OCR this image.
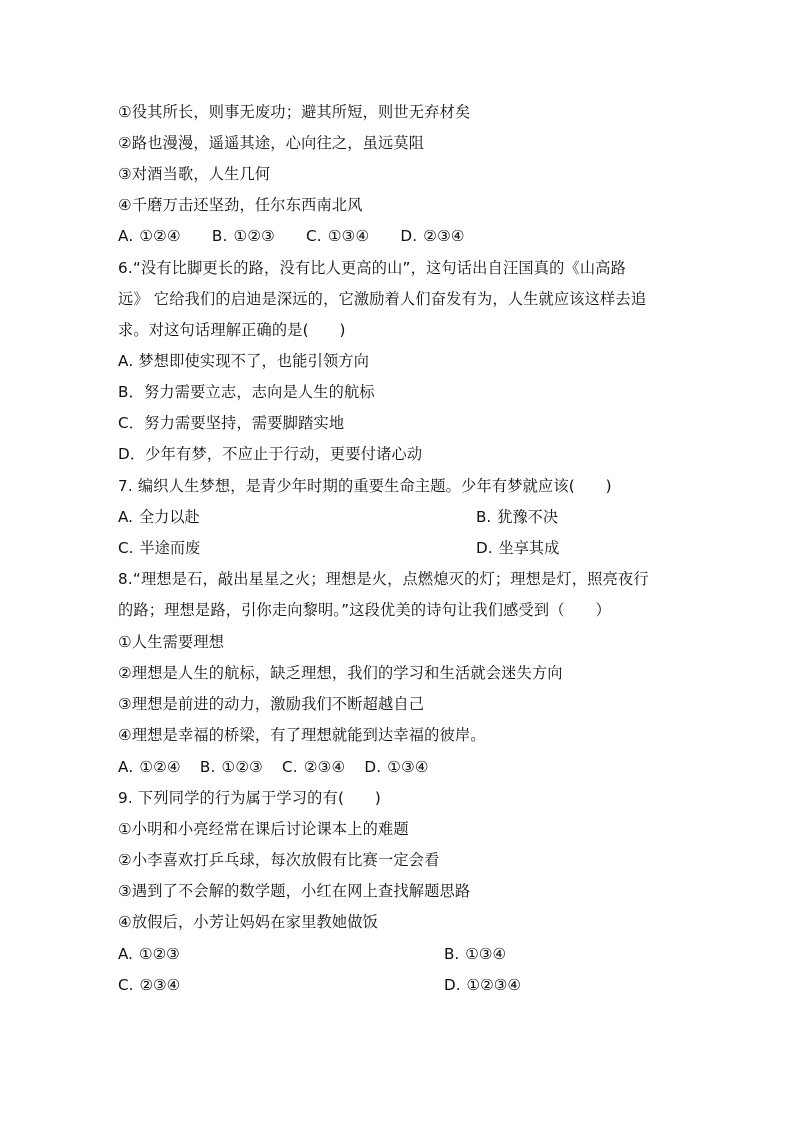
①役其所长，则事无废功；避其所短，则世无弃材矣
②路也漫漫，遥遥其途，心向往之，虽远莫阻
③对酒当歌，人生几何
④千磨万击还坚劲，任尔东西南北风
A. ①②④ B. ①②③ C. ①③④ D. ②③④
6.“没有比脚更长的路，没有比人更高的山”，这句话出自汪国真的《山高路
远》 它给我们的启迪是深远的，它激励着人们奋发有为，人生就应该这样去追
求。对这句话理解正确的是(　　)
A. 梦想即使实现不了，也能引领方向
B．努力需要立志，志向是人生的航标
C．努力需要坚持，需要脚踏实地
D．少年有梦，不应止于行动，更要付诸心动
7. 编织人生梦想，是青少年时期的重要生命主题。少年有梦就应该(　　)
A. 全力以赴	B. 犹豫不决
C. 半途而废	D. 坐享其成
8.“理想是石，敲出星星之火；理想是火，点燃熄灭的灯；理想是灯，照亮夜行
的路；理想是路，引你走向黎明。”这段优美的诗句让我们感受到（　　）
①人生需要理想
②理想是人生的航标，缺乏理想，我们的学习和生活就会迷失方向
③理想是前进的动力，激励我们不断超越自己
④理想是幸福的桥梁，有了理想就能到达幸福的彼岸。
A. ①②④ B. ①②③ C. ②③④ D. ①③④
9. 下列同学的行为属于学习的有(　　)
①小明和小亮经常在课后讨论课本上的难题
②小李喜欢打乒乓球，每次放假有比赛一定会看
③遇到了不会解的数学题，小红在网上查找解题思路
④放假后，小芳让妈妈在家里教她做饭
A. ①②③	B. ①③④
C. ②③④	D. ①②③④
